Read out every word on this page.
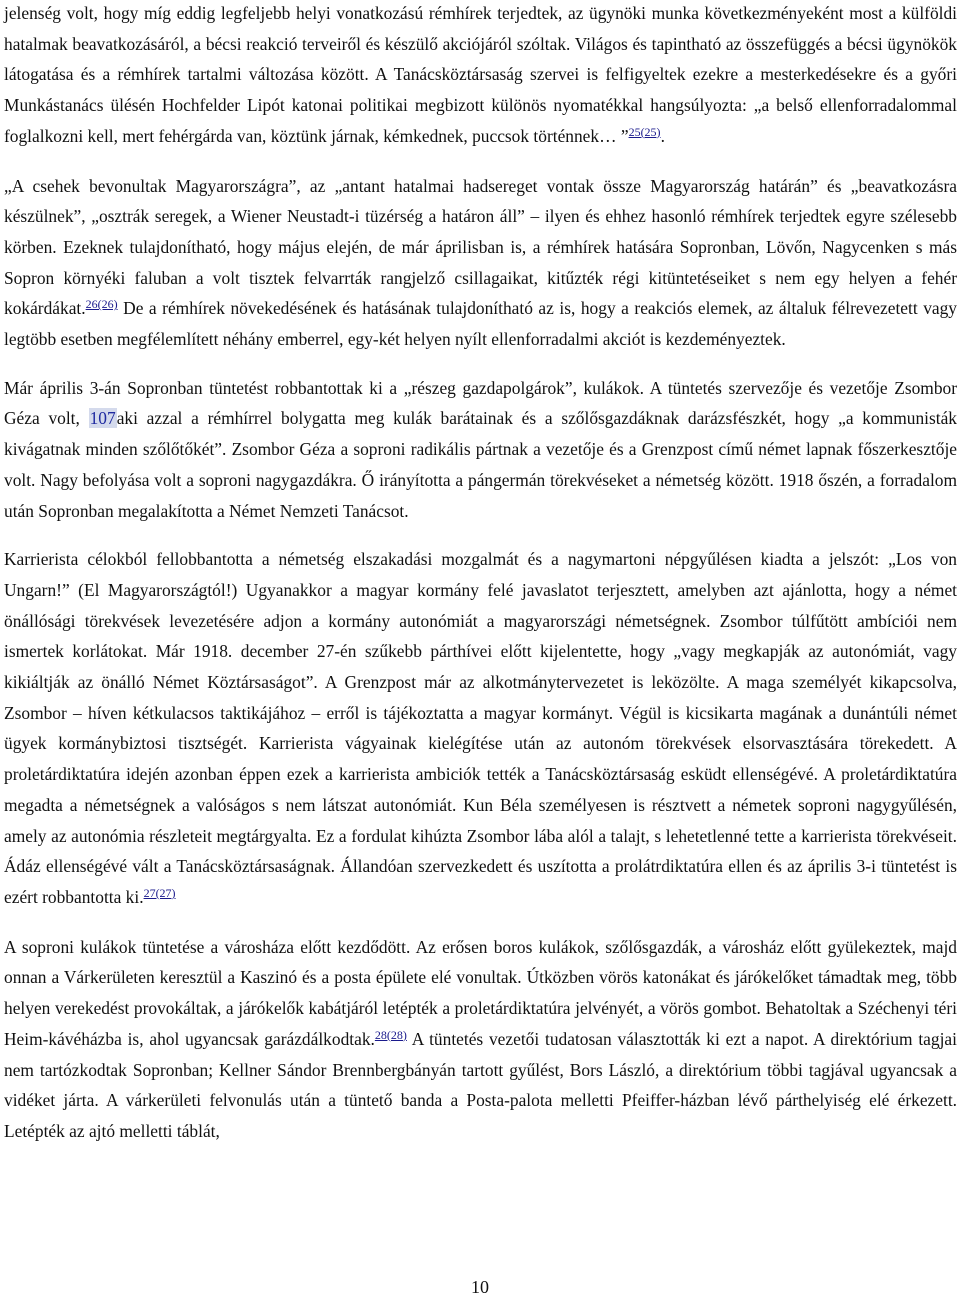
jelenség volt, hogy míg eddig legfeljebb helyi vonatkozású rémhírek terjedtek, az ügynöki munka következményeként most a külföldi hatalmak beavatkozásáról, a bécsi reakció terveiről és készülő akciójáról szóltak. Világos és tapintható az összefüggés a bécsi ügynökök látogatása és a rémhírek tartalmi változása között. A Tanácsköztársaság szervei is felfigyeltek ezekre a mesterkedésekre és a győri Munkástanács ülésén Hochfelder Lipót katonai politikai megbizott különös nyomatékkal hangsúlyozta: „a belső ellenforradalommal foglalkozni kell, mert fehérgárda van, köztünk járnak, kémkednek, puccsok történnek… ”$^{25(25)}$.

„A csehek bevonultak Magyarországra”, az „antant hatalmai hadsereget vontak össze Magyarország határán” és „beavatkozásra készülnek”, „osztrák seregek, a Wiener Neustadt-i tüzérség a határon áll” – ilyen és ehhez hasonló rémhírek terjedtek egyre szélesebb körben. Ezeknek tulajdonítható, hogy május elején, de már áprilisban is, a rémhírek hatására Sopronban, Lövőn, Nagycenken s más Sopron környéki faluban a volt tisztek felvarrták rangjelző csillagaikat, kitűzték régi kitüntetéseiket s nem egy helyen a fehér kokárdákat.$^{26(26)}$ De a rémhírek növekedésének és hatásának tulajdonítható az is, hogy a reakciós elemek, az általuk félrevezetett vagy legtöbb esetben megfélemlített néhány emberrel, egy-két helyen nyílt ellenforradalmi akciót is kezdeményeztek.

Már április 3-án Sopronban tüntetést robbantottak ki a „részeg gazdapolgárok”, kulákok. A tüntetés szervezője és vezetője Zsombor Géza volt, 107aki azzal a rémhírrel bolygatta meg kulák barátainak és a szőlősgazdáknak darázsfészkét, hogy „a kommunisták kivágatnak minden szőlőtőkét”. Zsombor Géza a soproni radikális pártnak a vezetője és a Grenzpost című német lapnak főszerkesztője volt. Nagy befolyása volt a soproni nagygazdákra. Ő irányította a pángermán törekvéseket a németség között. 1918 őszén, a forradalom után Sopronban megalakította a Német Nemzeti Tanácsot.

Karrierista célokból fellobbantotta a németség elszakadási mozgalmát és a nagymartoni népgyűlésen kiadta a jelszót: „Los von Ungarn!” (El Magyarországtól!) Ugyanakkor a magyar kormány felé javaslatot terjesztett, amelyben azt ajánlotta, hogy a német önállósági törekvések levezetésére adjon a kormány autonómiát a magyarországi németségnek. Zsombor túlfűtött ambíciói nem ismertek korlátokat. Már 1918. december 27-én szűkebb párthívei előtt kijelentette, hogy „vagy megkapják az autonómiát, vagy kikiáltják az önálló Német Köztársaságot”. A Grenzpost már az alkotmánytervezetet is leközölte. A maga személyét kikapcsolva, Zsombor – híven kétkulacsos taktikájához – erről is tájékoztatta a magyar kormányt. Végül is kicsikarta magának a dunántúli német ügyek kormánybiztosi tisztségét. Karrierista vágyainak kielégítése után az autonóm törekvések elsorvasztására törekedett. A proletárdiktatúra idején azonban éppen ezek a karrierista ambiciók tették a Tanácsköztársaság esküdt ellenségévé. A proletárdiktatúra megadta a németségnek a valóságos s nem látszat autonómiát. Kun Béla személyesen is résztvett a németek soproni nagygyűlésén, amely az autonómia részleteit megtárgyalta. Ez a fordulat kihúzta Zsombor lába alól a talajt, s lehetetlenné tette a karrierista törekvéseit. Ádáz ellenségévé vált a Tanácsköztársaságnak. Állandóan szervezkedett és uszította a prolátrdiktatúra ellen és az április 3-i tüntetést is ezért robbantotta ki.$^{27(27)}$

A soproni kulákok tüntetése a városháza előtt kezdődött. Az erősen boros kulákok, szőlősgazdák, a városház előtt gyülekeztek, majd onnan a Várkerületen keresztül a Kaszinó és a posta épülete elé vonultak. Útközben vörös katonákat és járókelőket támadtak meg, több helyen verekedést provokáltak, a járókelők kabátjáról letépték a proletárdiktatúra jelvényét, a vörös gombot. Behatoltak a Széchenyi téri Heim-kávéházba is, ahol ugyancsak garázdálkodtak.$^{28(28)}$ A tüntetés vezetői tudatosan választották ki ezt a napot. A direktórium tagjai nem tartózkodtak Sopronban; Kellner Sándor Brennbergbányán tartott gyűlést, Bors László, a direktórium többi tagjával ugyancsak a vidéket járta. A várkerületi felvonulás után a tüntető banda a Posta-palota melletti Pfeiffer-házban lévő párthelyiség elé érkezett. Letépték az ajtó melletti táblát,

10
